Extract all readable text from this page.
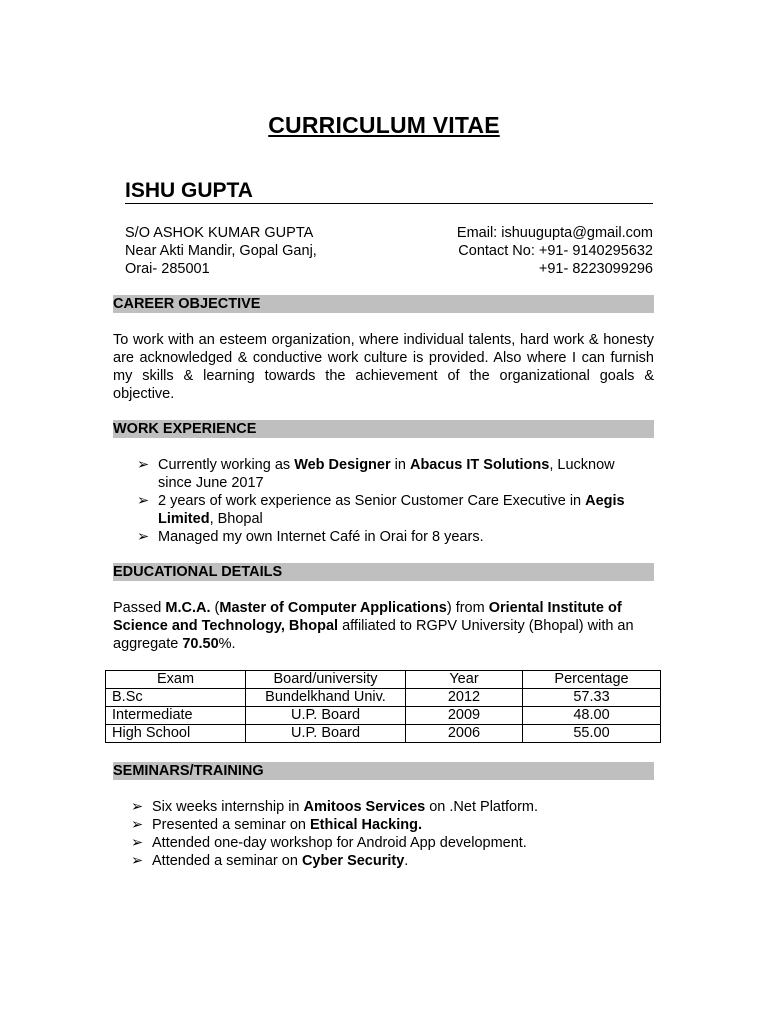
CURRICULUM VITAE
ISHU GUPTA
S/O ASHOK KUMAR GUPTA
Near Akti Mandir, Gopal Ganj,
Orai- 285001
Email: ishuugupta@gmail.com
Contact No: +91- 9140295632
+91- 8223099296
CAREER OBJECTIVE
To work with an esteem organization, where individual talents, hard work & honesty are acknowledged & conductive work culture is provided. Also where I can furnish my skills & learning towards the achievement of the organizational goals & objective.
WORK EXPERIENCE
➢ Currently working as Web Designer in Abacus IT Solutions, Lucknow
since June 2017
➢ 2 years of work experience as Senior Customer Care Executive in Aegis
Limited, Bhopal
➢ Managed my own Internet Café in Orai for 8 years.
EDUCATIONAL DETAILS
Passed M.C.A. (Master of Computer Applications) from Oriental Institute of Science and Technology, Bhopal affiliated to RGPV University (Bhopal) with an aggregate 70.50%.
Exam	Board/university	Year	Percentage
B.Sc	Bundelkhand Univ.	2012	57.33
Intermediate	U.P. Board	2009	48.00
High School	U.P. Board	2006	55.00
SEMINARS/TRAINING
➢ Six weeks internship in Amitoos Services on .Net Platform.
➢ Presented a seminar on Ethical Hacking.
➢ Attended one-day workshop for Android App development.
➢ Attended a seminar on Cyber Security.
